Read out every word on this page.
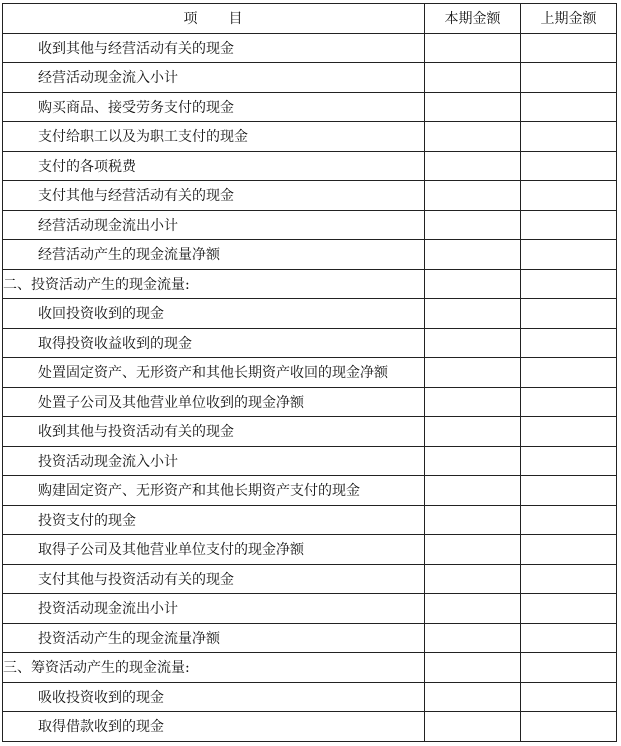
项　　目	本期金额	上期金额
收到其他与经营活动有关的现金		
经营活动现金流入小计		
购买商品、接受劳务支付的现金		
支付给职工以及为职工支付的现金		
支付的各项税费		
支付其他与经营活动有关的现金		
经营活动现金流出小计		
经营活动产生的现金流量净额		
二、投资活动产生的现金流量:		
收回投资收到的现金		
取得投资收益收到的现金		
处置固定资产、无形资产和其他长期资产收回的现金净额		
处置子公司及其他营业单位收到的现金净额		
收到其他与投资活动有关的现金		
投资活动现金流入小计		
购建固定资产、无形资产和其他长期资产支付的现金		
投资支付的现金		
取得子公司及其他营业单位支付的现金净额		
支付其他与投资活动有关的现金		
投资活动现金流出小计		
投资活动产生的现金流量净额		
三、筹资活动产生的现金流量:		
吸收投资收到的现金		
取得借款收到的现金		
